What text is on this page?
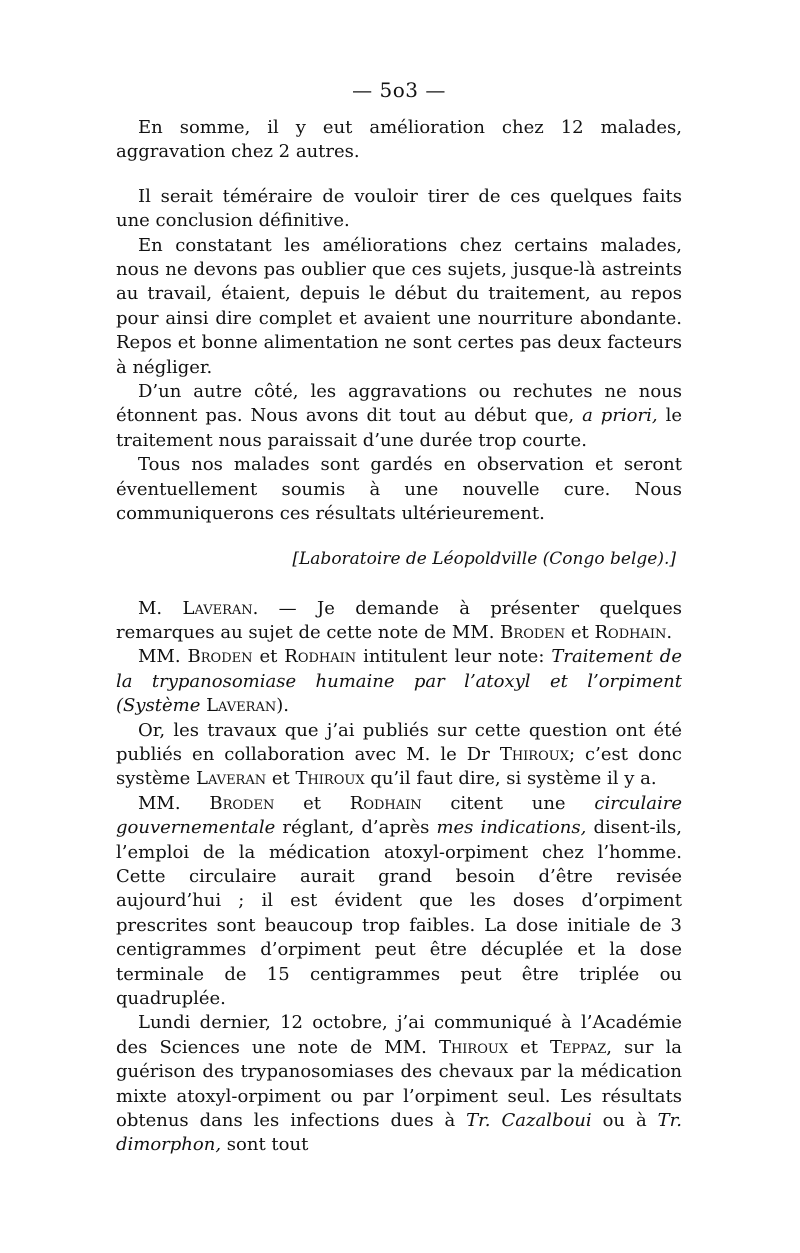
— 5o3 —

En somme, il y eut amélioration chez 12 malades, aggravation chez 2 autres.

Il serait téméraire de vouloir tirer de ces quelques faits une conclusion définitive.

En constatant les améliorations chez certains malades, nous ne devons pas oublier que ces sujets, jusque-là astreints au travail, étaient, depuis le début du traitement, au repos pour ainsi dire complet et avaient une nourriture abondante. Repos et bonne alimentation ne sont certes pas deux facteurs à négliger.

D’un autre côté, les aggravations ou rechutes ne nous étonnent pas. Nous avons dit tout au début que, a priori, le traitement nous paraissait d’une durée trop courte.

Tous nos malades sont gardés en observation et seront éventuellement soumis à une nouvelle cure. Nous communiquerons ces résultats ultérieurement.

[Laboratoire de Léopoldville (Congo belge).]

M. Laveran. — Je demande à présenter quelques remarques au sujet de cette note de MM. Broden et Rodhain.

MM. Broden et Rodhain intitulent leur note: Traitement de la trypanosomiase humaine par l’atoxyl et l’orpiment (Système Laveran).

Or, les travaux que j’ai publiés sur cette question ont été publiés en collaboration avec M. le Dr Thiroux; c’est donc système Laveran et Thiroux qu’il faut dire, si système il y a.

MM. Broden et Rodhain citent une circulaire gouvernementale réglant, d’après mes indications, disent-ils, l’emploi de la médication atoxyl-orpiment chez l’homme. Cette circulaire aurait grand besoin d’être revisée aujourd’hui ; il est évident que les doses d’orpiment prescrites sont beaucoup trop faibles. La dose initiale de 3 centigrammes d’orpiment peut être décuplée et la dose terminale de 15 centigrammes peut être triplée ou quadruplée.

Lundi dernier, 12 octobre, j’ai communiqué à l’Académie des Sciences une note de MM. Thiroux et Teppaz, sur la guérison des trypanosomiases des chevaux par la médication mixte atoxyl-orpiment ou par l’orpiment seul. Les résultats obtenus dans les infections dues à Tr. Cazalboui ou à Tr. dimorphon, sont tout
